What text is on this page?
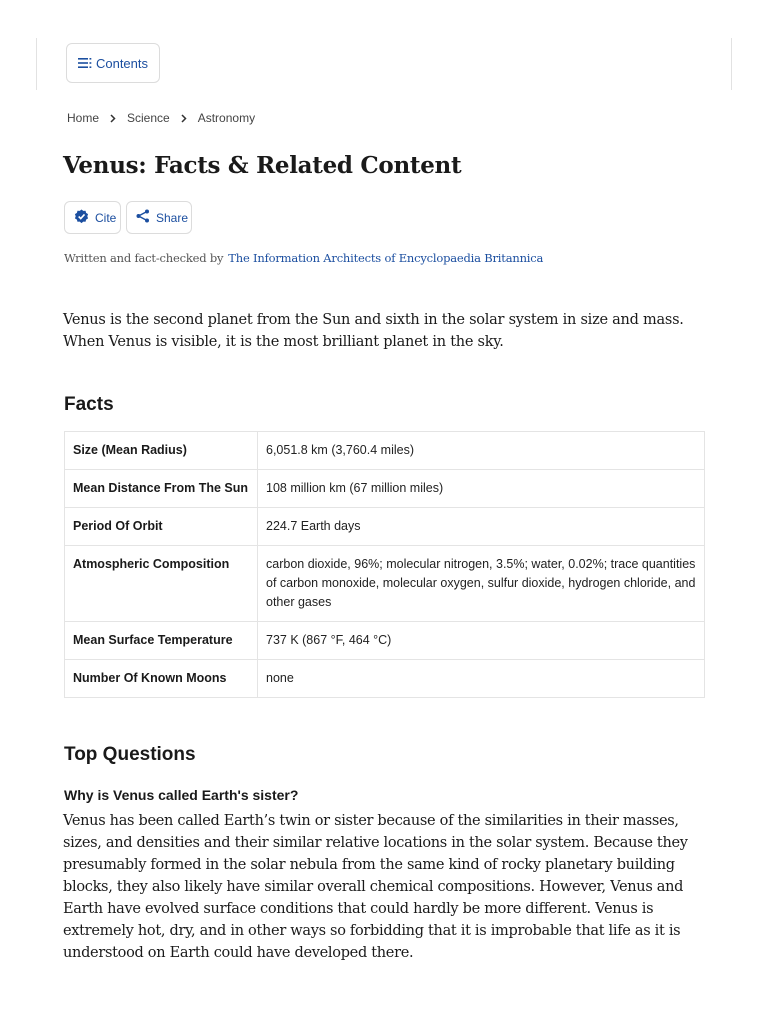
Contents
Home Science Astronomy
Venus: Facts & Related Content
Cite	Share
Written and fact-checked by The Information Architects of Encyclopaedia Britannica

Venus is the second planet from the Sun and sixth in the solar system in size and mass. When Venus is visible, it is the most brilliant planet in the sky.

Facts
Size (Mean Radius)	6,051.8 km (3,760.4 miles)
Mean Distance From The Sun	108 million km (67 million miles)
Period Of Orbit	224.7 Earth days
Atmospheric Composition	carbon dioxide, 96%; molecular nitrogen, 3.5%; water, 0.02%; trace quantities of carbon monoxide, molecular oxygen, sulfur dioxide, hydrogen chloride, and other gases
Mean Surface Temperature	737 K (867 °F, 464 °C)
Number Of Known Moons	none
Top Questions
Why is Venus called Earth's sister?

Venus has been called Earth’s twin or sister because of the similarities in their masses, sizes, and densities and their similar relative locations in the solar system. Because they presumably formed in the solar nebula from the same kind of rocky planetary building blocks, they also likely have similar overall chemical compositions. However, Venus and Earth have evolved surface conditions that could hardly be more different. Venus is extremely hot, dry, and in other ways so forbidding that it is improbable that life as it is understood on Earth could have developed there.
